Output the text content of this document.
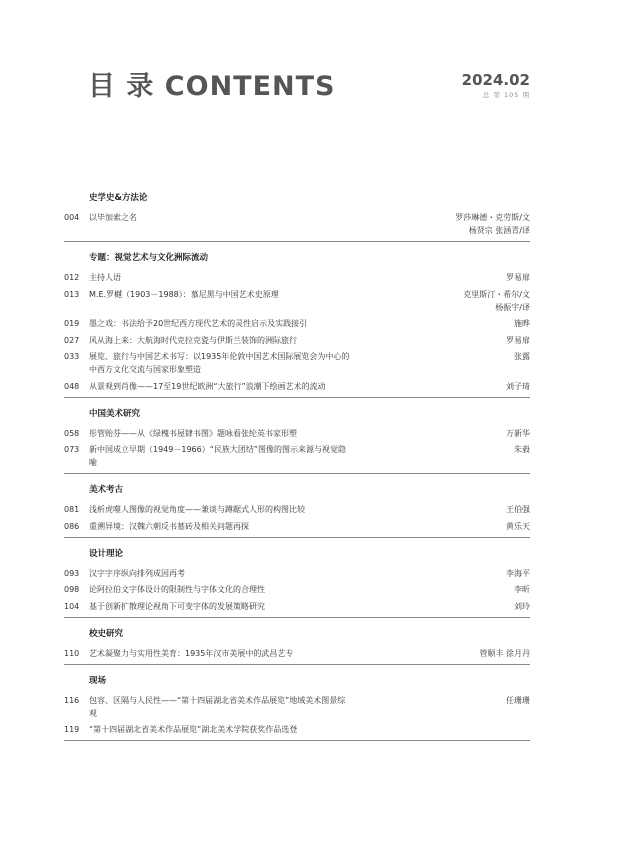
目 录 CONTENTS	2024.02
总 第 105 期
史学史&方法论
004	以毕加索之名	罗莎琳德・克劳斯/文
杨贤宗 张涵青/译
专题：视觉艺术与文化洲际流动
012	主持人语	罗易扉
013	M.E.罗樾（1903－1988）：慕尼黑与中国艺术史原理	克里斯汀・希尔/文
杨振宇/译
019	墨之戏：书法给予20世纪西方现代艺术的灵性启示及实践接引	施晔
027	风从海上来：大航海时代克拉克瓷与伊斯兰装饰的洲际旅行	罗易扉
033	展览、旅行与中国艺术书写：以1935年伦敦中国艺术国际展览会为中心的中西方文化交流与国家形象塑造
张露
048	从景观到肖像——17至19世纪欧洲“大旅行”浪潮下绘画艺术的流动	刘子琦
中国美术研究
058	彤管贻芬——从《绿槐书屋肄书图》题咏看张纶英书家形塑	万新华
073	新中国成立早期（1949－1966）“民族大团结”图像的图示来源与视觉隐喻
朱毅
美术考古
081	浅析虎噬人图像的视觉角度——兼谈与蹲踞式人形的构图比较	王伯强
086	重溯异境：汉魏六朝反书墓砖及相关问题再探	黄乐天
设计理论
093	汉字字序纵向排列成因再考	李海平
098	论阿拉伯文字体设计的限制性与字体文化的合理性	李昕
104	基于创新扩散理论视角下可变字体的发展策略研究	刘玲
校史研究
110	艺术凝聚力与实用性美育：1935年汉市美展中的武昌艺专	管顺丰 徐月丹
现场
116	包容、区隔与人民性——“第十四届湖北省美术作品展览”地域美术图景综观
任珊珊
119	“第十四届湖北省美术作品展览”湖北美术学院获奖作品选登
